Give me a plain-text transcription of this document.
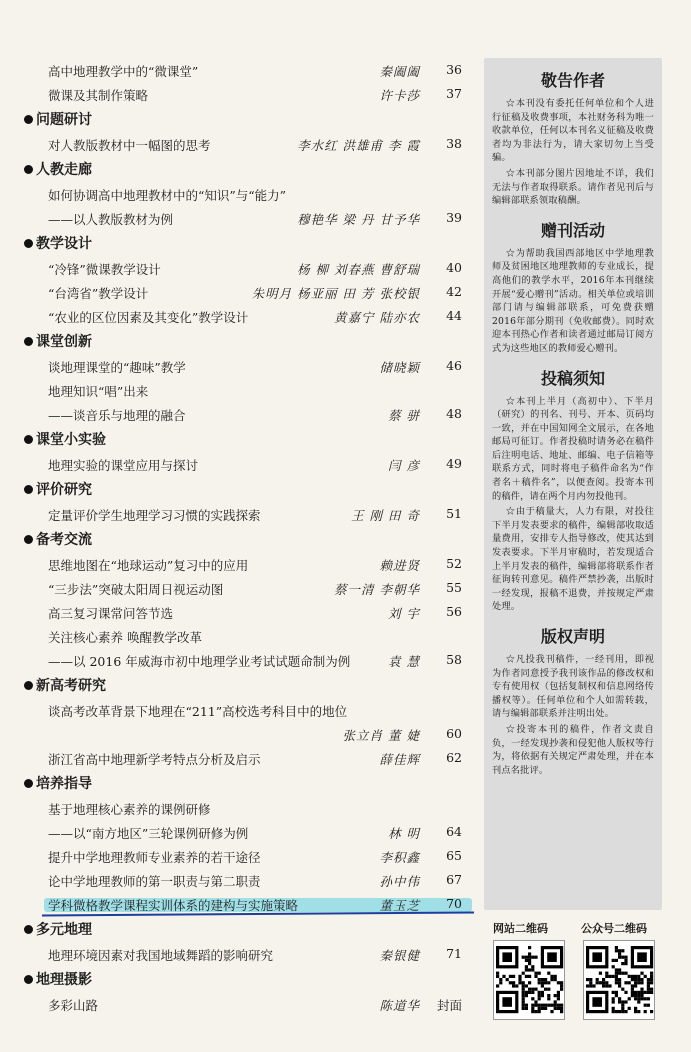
高中地理教学中的“微课堂”	秦阖阖	36
微课及其制作策略	许卡莎	37
问题研讨
对人教版教材中一幅图的思考	李水红 洪雄甫 李 霞	38
人教走廊
如何协调高中地理教材中的“知识”与“能力”
——以人教版教材为例	穆艳华 梁 丹 甘予华	39
教学设计
“冷锋”微课教学设计	杨 柳 刘春燕 曹舒瑞	40
“台湾省”教学设计	朱明月 杨亚丽 田 芳 张校银	42
“农业的区位因素及其变化”教学设计	黄嘉宁 陆亦农	44
课堂创新
谈地理课堂的“趣味”教学	储晓颖	46
地理知识“唱”出来
——谈音乐与地理的融合	蔡 骈	48
课堂小实验
地理实验的课堂应用与探讨	闫 彦	49
评价研究
定量评价学生地理学习习惯的实践探索	王 刚 田 奇	51
备考交流
思维地图在“地球运动”复习中的应用	赖进贤	52
“三步法”突破太阳周日视运动图	蔡一清 李朝华	55
高三复习课常问答节选	刘 宇	56
关注核心素养 唤醒教学改革
——以 2016 年威海市初中地理学业考试试题命制为例	袁 慧	58
新高考研究
谈高考改革背景下地理在“211”高校选考科目中的地位
张立肖 董 婕	60
浙江省高中地理新学考特点分析及启示	薛佳辉	62
培养指导
基于地理核心素养的课例研修
——以“南方地区”三轮课例研修为例	林 明	64
提升中学地理教师专业素养的若干途径	李积鑫	65
论中学地理教师的第一职责与第二职责	孙中伟	67
学科微格教学课程实训体系的建构与实施策略	董玉芝	70
多元地理
地理环境因素对我国地域舞蹈的影响研究	秦银健	71
地理摄影
多彩山路	陈道华 封面
敬告作者

☆本刊没有委托任何单位和个人进行征稿及收费事项，本社财务科为唯一收款单位，任何以本刊名义征稿及收费者均为非法行为，请大家切勿上当受骗。

☆本刊部分图片因地址不详，我们无法与作者取得联系。请作者见刊后与编辑部联系领取稿酬。

赠刊活动

☆为帮助我国西部地区中学地理教师及贫困地区地理教师的专业成长，提高他们的教学水平，2016年本刊继续开展“爱心赠刊”活动。相关单位或培训部门请与编辑部联系，可免费获赠2016年部分期刊（免收邮费）。同时欢迎本刊热心作者和读者通过邮局订阅方式为这些地区的教师爱心赠刊。

投稿须知

☆本刊上半月（高初中）、下半月（研究）的刊名、刊号、开本、页码均一致，并在中国知网全文展示，在各地邮局可征订。作者投稿时请务必在稿件后注明电话、地址、邮编、电子信箱等联系方式，同时将电子稿件命名为“作者名＋稿件名”，以便查阅。投寄本刊的稿件，请在两个月内勿投他刊。

☆由于稿量大，人力有限，对投往下半月发表要求的稿件，编辑部收取适量费用，安排专人指导修改，使其达到发表要求。下半月审稿时，若发现适合上半月发表的稿件，编辑部将联系作者征询转刊意见。稿件严禁抄袭，出版时一经发现，报稿不退费，并按规定严肃处理。

版权声明

☆凡投我刊稿件，一经刊用，即视为作者同意授予我刊该作品的修改权和专有使用权（包括复制权和信息网络传播权等）。任何单位和个人如需转载，请与编辑部联系并注明出处。

☆投寄本刊的稿件，作者文责自负，一经发现抄袭和侵犯他人版权等行为，将依据有关规定严肃处理，并在本刊点名批评。

网站二维码	公众号二维码
